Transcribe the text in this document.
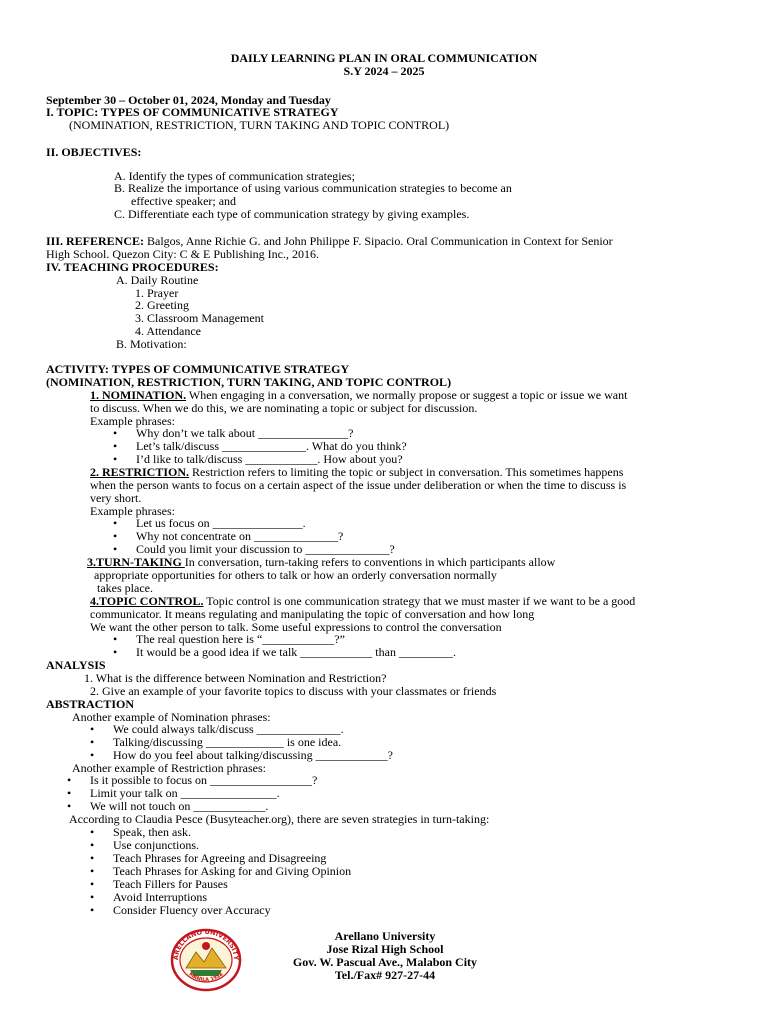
DAILY LEARNING PLAN IN ORAL COMMUNICATION
S.Y 2024 – 2025
September 30 – October 01, 2024, Monday and Tuesday
I. TOPIC: TYPES OF COMMUNICATIVE STRATEGY
(NOMINATION, RESTRICTION, TURN TAKING AND TOPIC CONTROL)
II. OBJECTIVES:
A. Identify the types of communication strategies;
B. Realize the importance of using various communication strategies to become an
effective speaker; and
C. Differentiate each type of communication strategy by giving examples.
III. REFERENCE: Balgos, Anne Richie G. and John Philippe F. Sipacio. Oral Communication in Context for Senior
High School. Quezon City: C & E Publishing Inc., 2016.
IV. TEACHING PROCEDURES:
A. Daily Routine
1. Prayer
2. Greeting
3. Classroom Management
4. Attendance
B. Motivation:
ACTIVITY: TYPES OF COMMUNICATIVE STRATEGY
(NOMINATION, RESTRICTION, TURN TAKING, AND TOPIC CONTROL)
1. NOMINATION. When engaging in a conversation, we normally propose or suggest a topic or issue we want
to discuss. When we do this, we are nominating a topic or subject for discussion.
Example phrases:
• Why don’t we talk about _______________?
• Let’s talk/discuss ______________. What do you think?
• I’d like to talk/discuss ____________. How about you?
2. RESTRICTION. Restriction refers to limiting the topic or subject in conversation. This sometimes happens
when the person wants to focus on a certain aspect of the issue under deliberation or when the time to discuss is
very short.
Example phrases:
• Let us focus on _______________.
• Why not concentrate on ______________?
• Could you limit your discussion to ______________?
3.TURN-TAKING In conversation, turn-taking refers to conventions in which participants allow
appropriate opportunities for others to talk or how an orderly conversation normally
takes place.
4.TOPIC CONTROL. Topic control is one communication strategy that we must master if we want to be a good
communicator. It means regulating and manipulating the topic of conversation and how long
We want the other person to talk. Some useful expressions to control the conversation
• The real question here is “____________?”
• It would be a good idea if we talk ____________ than _________.
ANALYSIS
1. What is the difference between Nomination and Restriction?
2. Give an example of your favorite topics to discuss with your classmates or friends
ABSTRACTION
Another example of Nomination phrases:
• We could always talk/discuss ______________.
• Talking/discussing _____________ is one idea.
• How do you feel about talking/discussing ____________?
Another example of Restriction phrases:
• Is it possible to focus on _________________?
• Limit your talk on ________________.
• We will not touch on ____________.
According to Claudia Pesce (Busyteacher.org), there are seven strategies in turn-taking:
• Speak, then ask.
• Use conjunctions.
• Teach Phrases for Agreeing and Disagreeing
• Teach Phrases for Asking for and Giving Opinion
• Teach Fillers for Pauses
• Avoid Interruptions
• Consider Fluency over Accuracy
ARELLANO UNIVERSITY
MANILA 1938
Arellano University
Jose Rizal High School
Gov. W. Pascual Ave., Malabon City
Tel./Fax# 927-27-44
